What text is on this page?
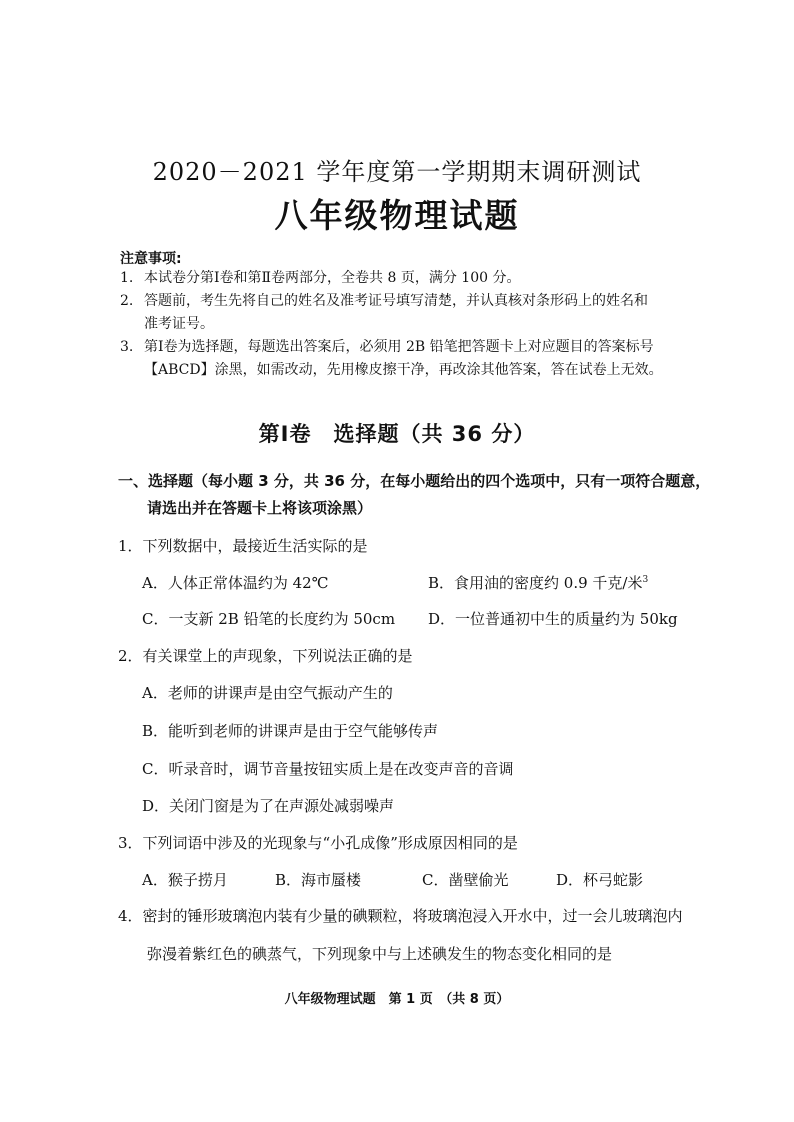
2020－2021 学年度第一学期期末调研测试
八年级物理试题
注意事项:
1. 本试卷分第Ⅰ卷和第Ⅱ卷两部分，全卷共 8 页，满分 100 分。
2. 答题前，考生先将自己的姓名及准考证号填写清楚，并认真核对条形码上的姓名和
准考证号。
3. 第Ⅰ卷为选择题，每题选出答案后，必须用 2B 铅笔把答题卡上对应题目的答案标号
【ABCD】涂黑，如需改动，先用橡皮擦干净，再改涂其他答案，答在试卷上无效。
第Ⅰ卷　选择题（共 36 分）
一、选择题（每小题 3 分，共 36 分，在每小题给出的四个选项中，只有一项符合题意，
请选出并在答题卡上将该项涂黑）
1．下列数据中，最接近生活实际的是
A．人体正常体温约为 42℃	B．食用油的密度约 0.9 千克/米$^3$
C．一支新 2B 铅笔的长度约为 50cm D．一位普通初中生的质量约为 50kg
2．有关课堂上的声现象，下列说法正确的是
A．老师的讲课声是由空气振动产生的
B．能听到老师的讲课声是由于空气能够传声
C．听录音时，调节音量按钮实质上是在改变声音的音调
D．关闭门窗是为了在声源处减弱噪声
3．下列词语中涉及的光现象与“小孔成像”形成原因相同的是
A．猴子捞月	B．海市蜃楼	C．凿壁偷光	D．杯弓蛇影
4．密封的锤形玻璃泡内装有少量的碘颗粒，将玻璃泡浸入开水中，过一会儿玻璃泡内
弥漫着紫红色的碘蒸气，下列现象中与上述碘发生的物态变化相同的是
八年级物理试题　第 1 页　（共 8 页）
